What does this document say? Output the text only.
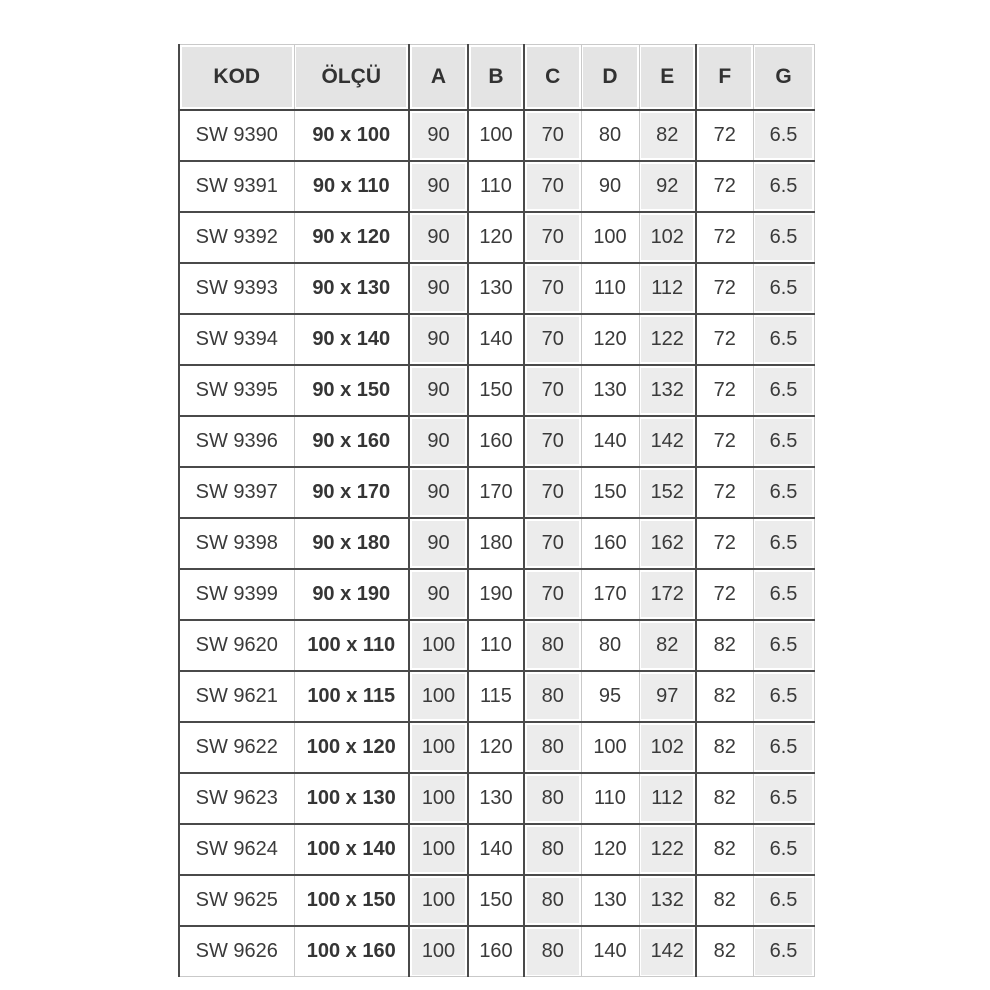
KOD	ÖLÇÜ	A	B	C	D	E	F	G
SW 9390	90 x 100	90	100	70	80	82	72	6.5
SW 9391	90 x 110	90	110	70	90	92	72	6.5
SW 9392	90 x 120	90	120	70	100	102	72	6.5
SW 9393	90 x 130	90	130	70	110	112	72	6.5
SW 9394	90 x 140	90	140	70	120	122	72	6.5
SW 9395	90 x 150	90	150	70	130	132	72	6.5
SW 9396	90 x 160	90	160	70	140	142	72	6.5
SW 9397	90 x 170	90	170	70	150	152	72	6.5
SW 9398	90 x 180	90	180	70	160	162	72	6.5
SW 9399	90 x 190	90	190	70	170	172	72	6.5
SW 9620	100 x 110	100	110	80	80	82	82	6.5
SW 9621	100 x 115	100	115	80	95	97	82	6.5
SW 9622	100 x 120	100	120	80	100	102	82	6.5
SW 9623	100 x 130	100	130	80	110	112	82	6.5
SW 9624	100 x 140	100	140	80	120	122	82	6.5
SW 9625	100 x 150	100	150	80	130	132	82	6.5
SW 9626	100 x 160	100	160	80	140	142	82	6.5
